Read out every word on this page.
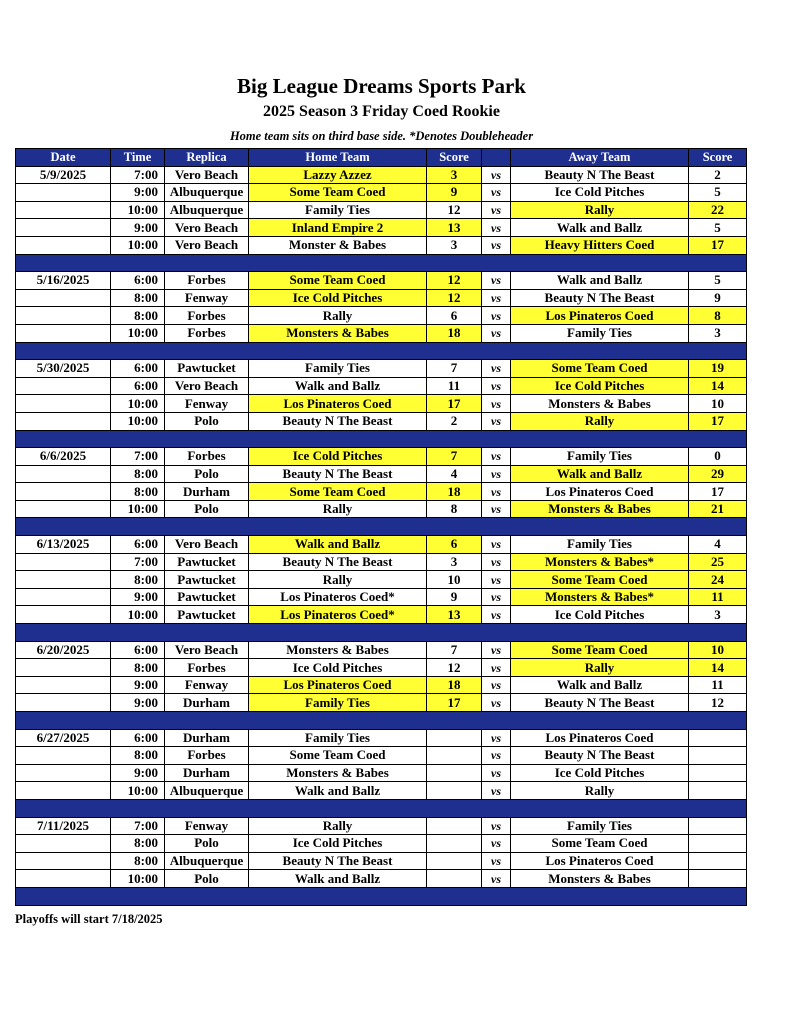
Big League Dreams Sports Park
2025 Season 3 Friday Coed Rookie
Home team sits on third base side. *Denotes Doubleheader
Date	Time	Replica	Home Team	Score		Away Team	Score
5/9/2025	7:00	Vero Beach	Lazzy Azzez	3	vs	Beauty N The Beast	2
	9:00	Albuquerque	Some Team Coed	9	vs	Ice Cold Pitches	5
	10:00	Albuquerque	Family Ties	12	vs	Rally	22
	9:00	Vero Beach	Inland Empire 2	13	vs	Walk and Ballz	5
	10:00	Vero Beach	Monster & Babes	3	vs	Heavy Hitters Coed	17

5/16/2025	6:00	Forbes	Some Team Coed	12	vs	Walk and Ballz	5
	8:00	Fenway	Ice Cold Pitches	12	vs	Beauty N The Beast	9
	8:00	Forbes	Rally	6	vs	Los Pinateros Coed	8
	10:00	Forbes	Monsters & Babes	18	vs	Family Ties	3

5/30/2025	6:00	Pawtucket	Family Ties	7	vs	Some Team Coed	19
	6:00	Vero Beach	Walk and Ballz	11	vs	Ice Cold Pitches	14
	10:00	Fenway	Los Pinateros Coed	17	vs	Monsters & Babes	10
	10:00	Polo	Beauty N The Beast	2	vs	Rally	17

6/6/2025	7:00	Forbes	Ice Cold Pitches	7	vs	Family Ties	0
	8:00	Polo	Beauty N The Beast	4	vs	Walk and Ballz	29
	8:00	Durham	Some Team Coed	18	vs	Los Pinateros Coed	17
	10:00	Polo	Rally	8	vs	Monsters & Babes	21

6/13/2025	6:00	Vero Beach	Walk and Ballz	6	vs	Family Ties	4
	7:00	Pawtucket	Beauty N The Beast	3	vs	Monsters & Babes*	25
	8:00	Pawtucket	Rally	10	vs	Some Team Coed	24
	9:00	Pawtucket	Los Pinateros Coed*	9	vs	Monsters & Babes*	11
	10:00	Pawtucket	Los Pinateros Coed*	13	vs	Ice Cold Pitches	3

6/20/2025	6:00	Vero Beach	Monsters & Babes	7	vs	Some Team Coed	10
	8:00	Forbes	Ice Cold Pitches	12	vs	Rally	14
	9:00	Fenway	Los Pinateros Coed	18	vs	Walk and Ballz	11
	9:00	Durham	Family Ties	17	vs	Beauty N The Beast	12

6/27/2025	6:00	Durham	Family Ties		vs	Los Pinateros Coed	
	8:00	Forbes	Some Team Coed		vs	Beauty N The Beast	
	9:00	Durham	Monsters & Babes		vs	Ice Cold Pitches	
	10:00	Albuquerque	Walk and Ballz		vs	Rally	

7/11/2025	7:00	Fenway	Rally		vs	Family Ties	
	8:00	Polo	Ice Cold Pitches		vs	Some Team Coed	
	8:00	Albuquerque	Beauty N The Beast		vs	Los Pinateros Coed	
	10:00	Polo	Walk and Ballz		vs	Monsters & Babes	

Playoffs will start 7/18/2025
